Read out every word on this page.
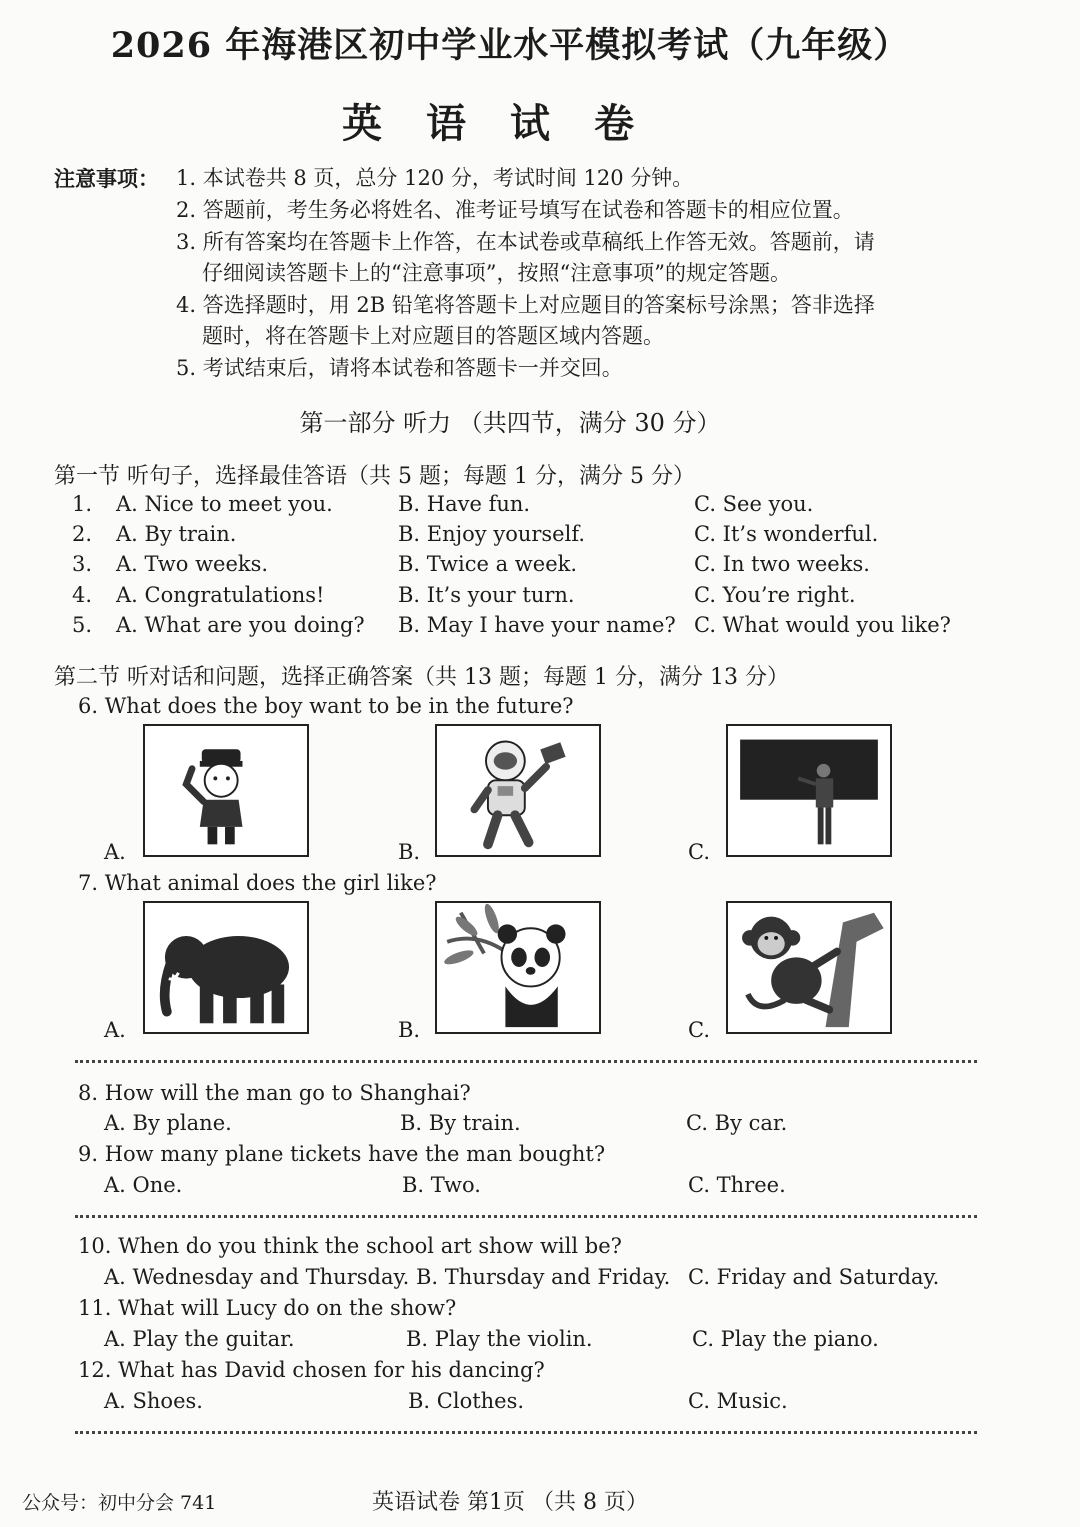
2026 年海港区初中学业水平模拟考试（九年级）
英语试卷
注意事项： 1. 本试卷共 8 页，总分 120 分，考试时间 120 分钟。
2. 答题前，考生务必将姓名、准考证号填写在试卷和答题卡的相应位置。
3. 所有答案均在答题卡上作答，在本试卷或草稿纸上作答无效。答题前，请
仔细阅读答题卡上的“注意事项”，按照“注意事项”的规定答题。
4. 答选择题时，用 2B 铅笔将答题卡上对应题目的答案标号涂黑；答非选择
题时，将在答题卡上对应题目的答题区域内答题。
5. 考试结束后，请将本试卷和答题卡一并交回。
第一部分 听力 （共四节，满分 30 分）
第一节 听句子，选择最佳答语（共 5 题；每题 1 分，满分 5 分）
1. A. Nice to meet you.	B. Have fun.	C. See you.
2. A. By train.	B. Enjoy yourself.	C. It’s wonderful.
3. A. Two weeks.	B. Twice a week.	C. In two weeks.
4. A. Congratulations!	B. It’s your turn.	C. You’re right.
5. A. What are you doing? B. May I have your name? C. What would you like?
第二节 听对话和问题，选择正确答案（共 13 题；每题 1 分，满分 13 分）
6. What does the boy want to be in the future?
A.	B.	C.
7. What animal does the girl like?
A.	B.	C.
8. How will the man go to Shanghai?
A. By plane.	B. By train.	C. By car.
9. How many plane tickets have the man bought?
A. One.	B. Two.	C. Three.
10. When do you think the school art show will be?
A. Wednesday and Thursday. B. Thursday and Friday. C. Friday and Saturday.
11. What will Lucy do on the show?
A. Play the guitar.	B. Play the violin.	C. Play the piano.
12. What has David chosen for his dancing?
A. Shoes.	B. Clothes.	C. Music.
公众号：初中分会 741	英语试卷 第1页 （共 8 页）
